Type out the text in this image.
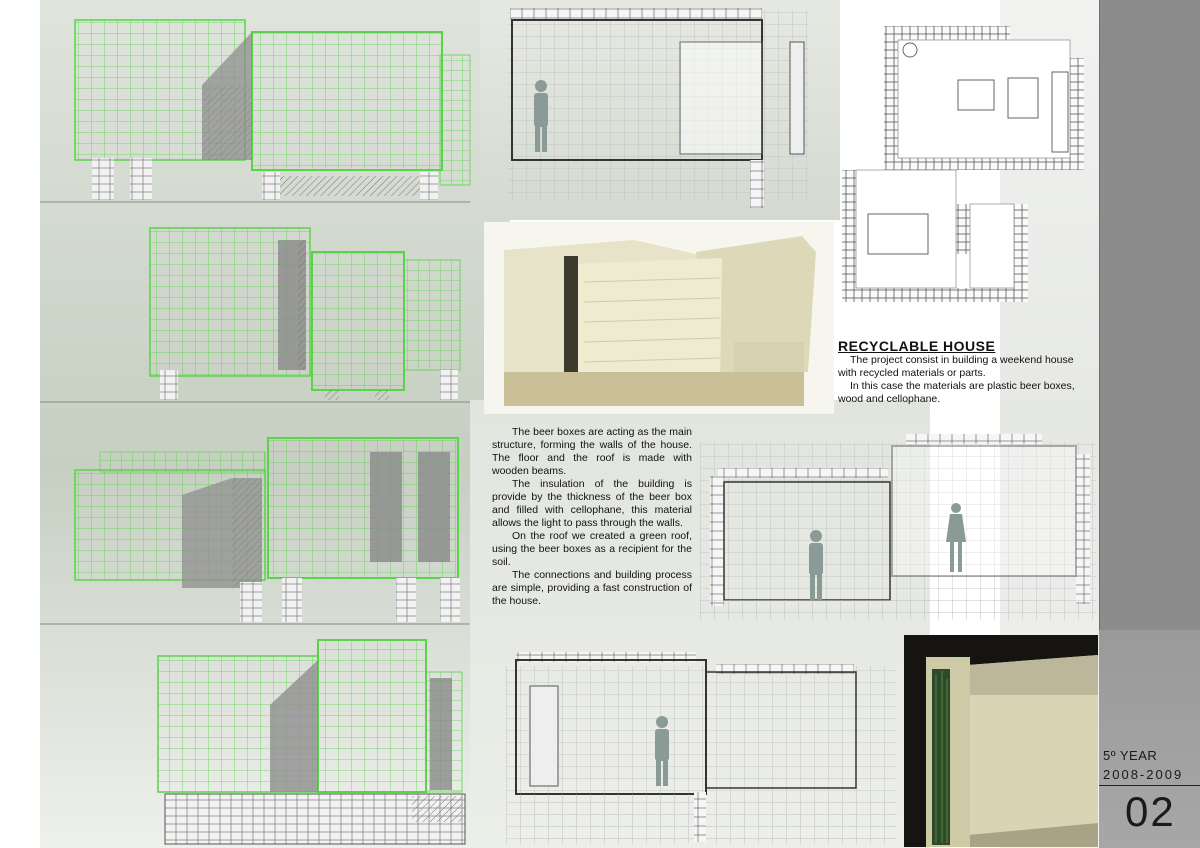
RECYCLABLE HOUSE

The project consist in building a weekend house with recycled materials or parts.

In this case the materials are plastic beer boxes, wood and cellophane.

The beer boxes are acting as the main structure, forming the walls of the house. The floor and the roof is made with wooden beams.

The insulation of the building is provide by the thickness of the beer box and filled with cellophane, this material allows the light to pass through the walls.

On the roof we created a green roof, using the beer boxes as a recipient for the soil.

The connections and building process are simple, providing a fast construction of the house.

5º YEAR
2008-2009
02
